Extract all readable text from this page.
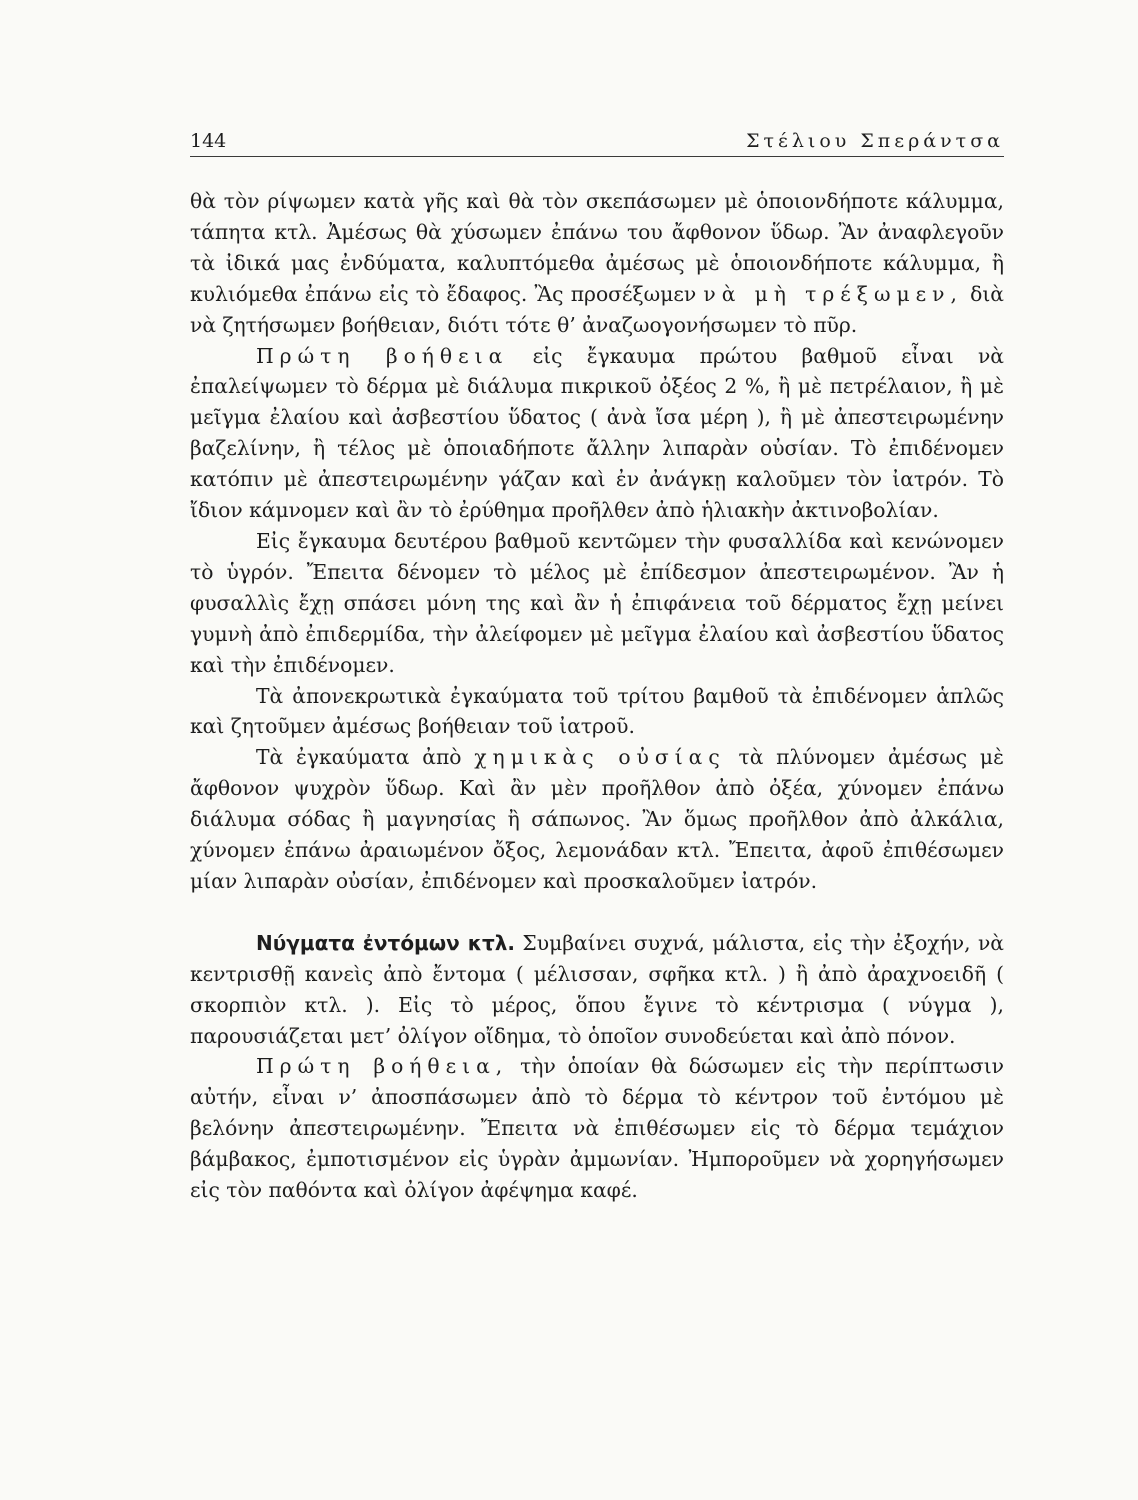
144	Στέλιου Σπεράντσα

θὰ τὸν ρίψωμεν κατὰ γῆς καὶ θὰ τὸν σκεπάσωμεν μὲ ὁποιονδήποτε κάλυμμα, τάπητα κτλ. Ἀμέσως θὰ χύσωμεν ἐπάνω του ἄφθονον ὕδωρ. Ἂν ἀναφλεγοῦν τὰ ἰδικά μας ἐνδύματα, καλυπτόμεθα ἀμέσως μὲ ὁποιονδήποτε κάλυμμα, ἢ κυλιόμεθα ἐπάνω εἰς τὸ ἔδαφος. Ἂς προσέξωμεν νὰ μὴ τρέξωμεν, διὰ νὰ ζητήσωμεν βοήθειαν, διότι τότε θ’ ἀναζωογονήσωμεν τὸ πῦρ.

Πρώτη βοήθεια εἰς ἔγκαυμα πρώτου βαθμοῦ εἶναι νὰ ἐπαλείψωμεν τὸ δέρμα μὲ διάλυμα πικρικοῦ ὀξέος 2 %, ἢ μὲ πετρέλαιον, ἢ μὲ μεῖγμα ἐλαίου καὶ ἀσβεστίου ὕδατος ( ἀνὰ ἴσα μέρη ), ἢ μὲ ἀπεστειρωμένην βαζελίνην, ἢ τέλος μὲ ὁποιαδήποτε ἄλλην λιπαρὰν οὐσίαν. Τὸ ἐπιδένομεν κατόπιν μὲ ἀπεστειρωμένην γάζαν καὶ ἐν ἀνάγκῃ καλοῦμεν τὸν ἰατρόν. Τὸ ἴδιον κάμνομεν καὶ ἂν τὸ ἐρύθημα προῆλθεν ἀπὸ ἡλιακὴν ἀκτινοβολίαν.

Εἰς ἔγκαυμα δευτέρου βαθμοῦ κεντῶμεν τὴν φυσαλλίδα καὶ κενώνομεν τὸ ὑγρόν. Ἔπειτα δένομεν τὸ μέλος μὲ ἐπίδεσμον ἀπεστειρωμένον. Ἂν ἡ φυσαλλὶς ἔχῃ σπάσει μόνη της καὶ ἂν ἡ ἐπιφάνεια τοῦ δέρματος ἔχῃ μείνει γυμνὴ ἀπὸ ἐπιδερμίδα, τὴν ἀλείφομεν μὲ μεῖγμα ἐλαίου καὶ ἀσβεστίου ὕδατος καὶ τὴν ἐπιδένομεν.

Τὰ ἀπονεκρωτικὰ ἐγκαύματα τοῦ τρίτου βαμθοῦ τὰ ἐπιδένομεν ἁπλῶς καὶ ζητοῦμεν ἀμέσως βοήθειαν τοῦ ἰατροῦ.

Τὰ ἐγκαύματα ἀπὸ χημικὰς οὐσίας τὰ πλύνομεν ἀμέσως μὲ ἄφθονον ψυχρὸν ὕδωρ. Καὶ ἂν μὲν προῆλθον ἀπὸ ὀξέα, χύνομεν ἐπάνω διάλυμα σόδας ἢ μαγνησίας ἢ σάπωνος. Ἂν ὅμως προῆλθον ἀπὸ ἀλκάλια, χύνομεν ἐπάνω ἀραιωμένον ὄξος, λεμονάδαν κτλ. Ἔπειτα, ἀφοῦ ἐπιθέσωμεν μίαν λιπαρὰν οὐσίαν, ἐπιδένομεν καὶ προσκαλοῦμεν ἰατρόν.

Νύγματα ἐντόμων κτλ. Συμβαίνει συχνά, μάλιστα, εἰς τὴν ἐξοχήν, νὰ κεντρισθῇ κανεὶς ἀπὸ ἔντομα ( μέλισσαν, σφῆκα κτλ. ) ἢ ἀπὸ ἀραχνοειδῆ ( σκορπιὸν κτλ. ). Εἰς τὸ μέρος, ὅπου ἔγινε τὸ κέντρισμα ( νύγμα ), παρουσιάζεται μετ’ ὀλίγον οἴδημα, τὸ ὁποῖον συνοδεύεται καὶ ἀπὸ πόνον.

Πρώτη βοήθεια, τὴν ὁποίαν θὰ δώσωμεν εἰς τὴν περίπτωσιν αὐτήν, εἶναι ν’ ἀποσπάσωμεν ἀπὸ τὸ δέρμα τὸ κέντρον τοῦ ἐντόμου μὲ βελόνην ἀπεστειρωμένην. Ἔπειτα νὰ ἐπιθέσωμεν εἰς τὸ δέρμα τεμάχιον βάμβακος, ἐμποτισμένον εἰς ὑγρὰν ἀμμωνίαν. Ἠμποροῦμεν νὰ χορηγήσωμεν εἰς τὸν παθόντα καὶ ὀλίγον ἀφέψημα καφέ.
